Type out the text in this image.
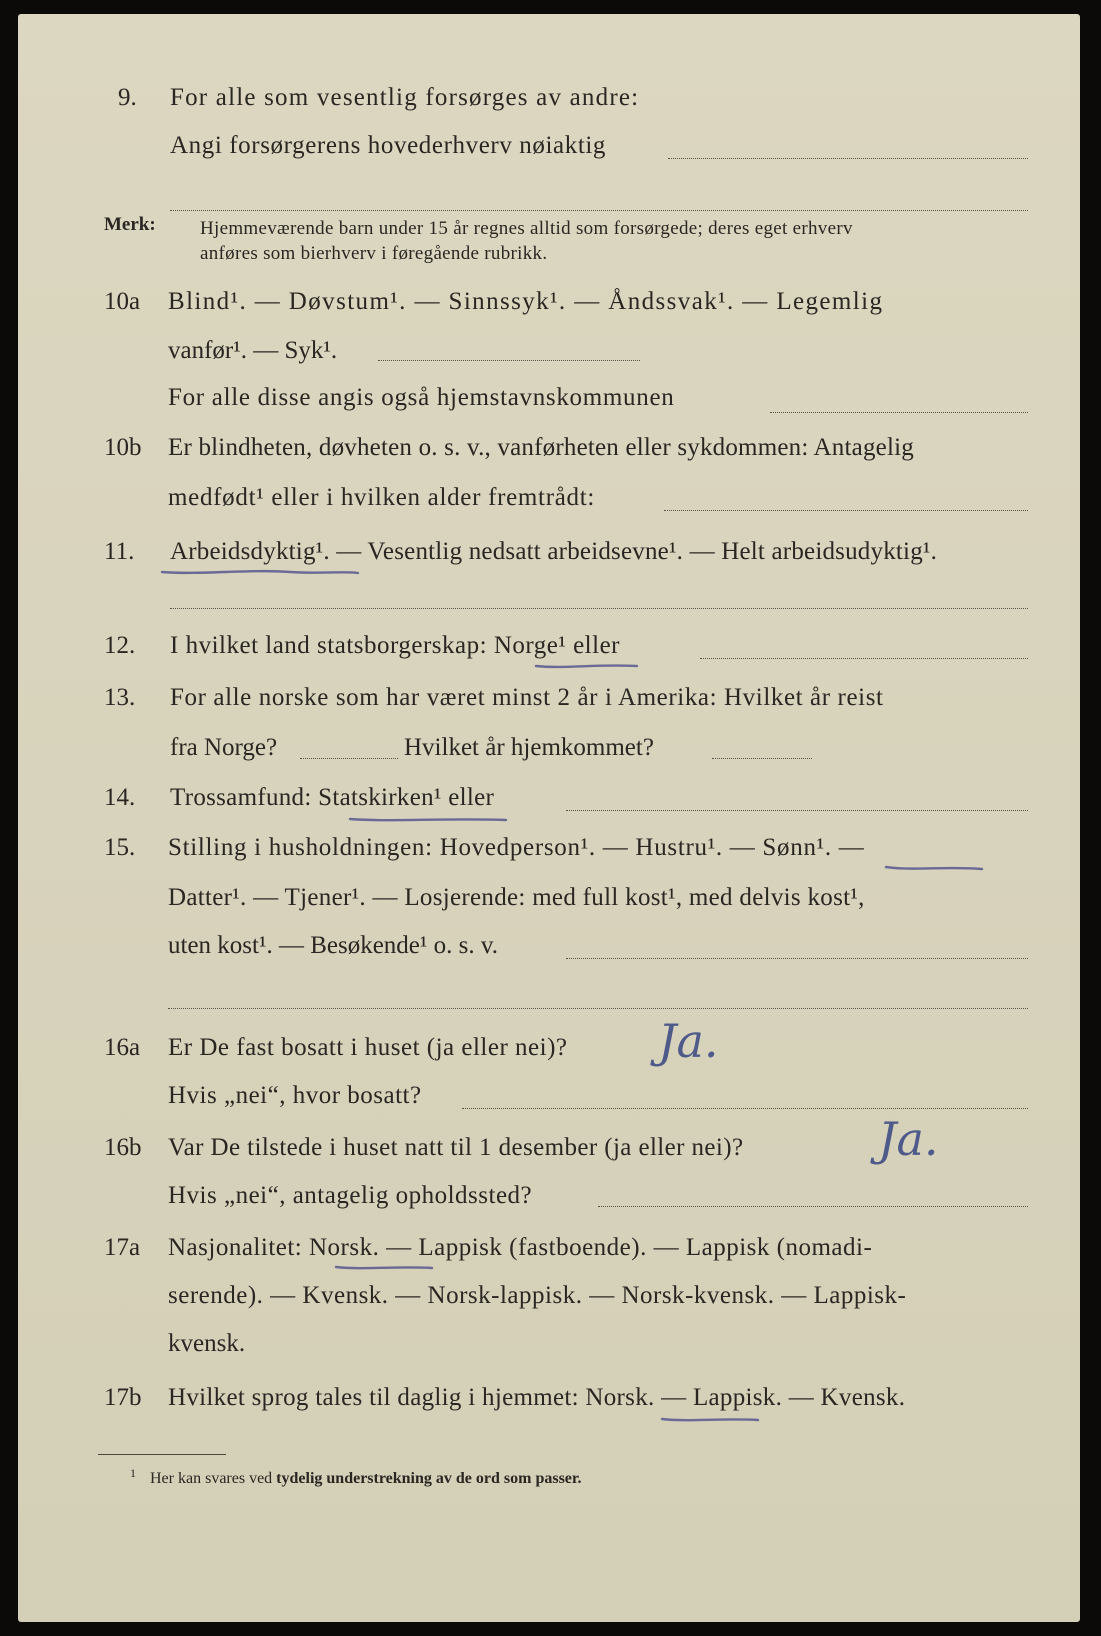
9. For alle som vesentlig forsørges av andre:
Angi forsørgerens hovederhverv nøiaktig
Merk: Hjemmeværende barn under 15 år regnes alltid som forsørgede; deres eget erhverv
anføres som bierhverv i føregående rubrikk.
10a Blind¹. — Døvstum¹. — Sinnssyk¹. — Åndssvak¹. — Legemlig
vanfør¹. — Syk¹.
For alle disse angis også hjemstavnskommunen
10b Er blindheten, døvheten o. s. v., vanførheten eller sykdommen: Antagelig
medfødt¹ eller i hvilken alder fremtrådt:
11. Arbeidsdyktig¹. — Vesentlig nedsatt arbeidsevne¹. — Helt arbeidsudyktig¹.
12. I hvilket land statsborgerskap: Norge¹ eller
13. For alle norske som har været minst 2 år i Amerika: Hvilket år reist
fra Norge?	Hvilket år hjemkommet?
14. Trossamfund: Statskirken¹ eller
15. Stilling i husholdningen: Hovedperson¹. — Hustru¹. — Sønn¹. —
Datter¹. — Tjener¹. — Losjerende: med full kost¹, med delvis kost¹,
uten kost¹. — Besøkende¹ o. s. v.
16a Er De fast bosatt i huset (ja eller nei)? Ja.
Hvis „nei“, hvor bosatt?
16b Var De tilstede i huset natt til 1 desember (ja eller nei)?	Ja.
Hvis „nei“, antagelig opholdssted?
17a Nasjonalitet: Norsk. — Lappisk (fastboende). — Lappisk (nomadi-
serende). — Kvensk. — Norsk-lappisk. — Norsk-kvensk. — Lappisk-
kvensk.
17b Hvilket sprog tales til daglig i hjemmet: Norsk. — Lappisk. — Kvensk.
1 Her kan svares ved tydelig understrekning av de ord som passer.
